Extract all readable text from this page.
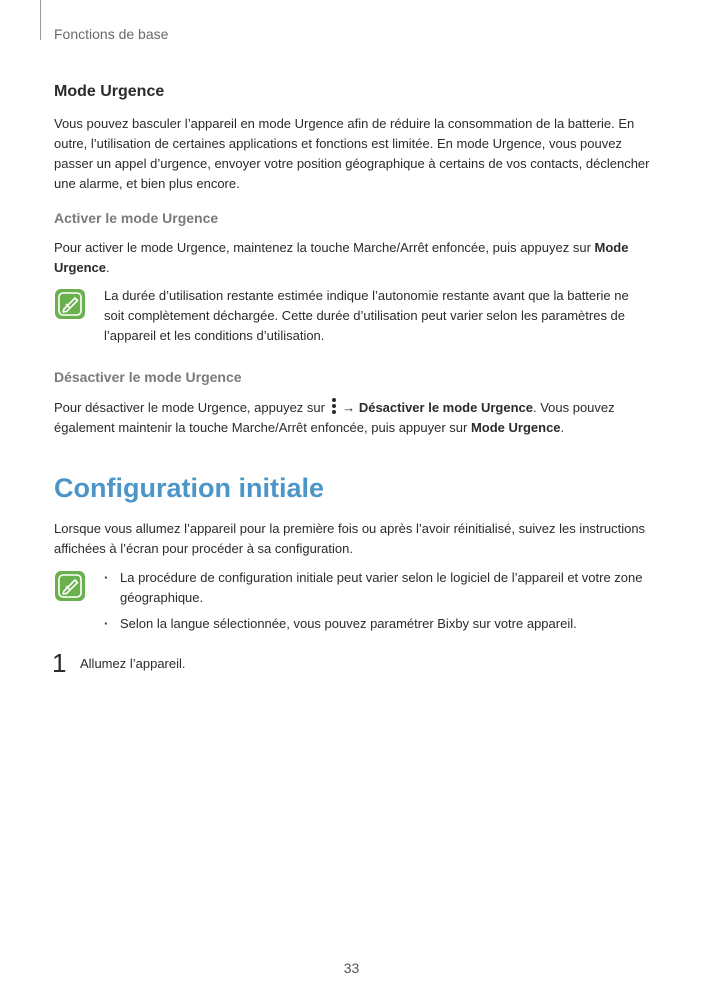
Fonctions de base
Mode Urgence
Vous pouvez basculer l’appareil en mode Urgence afin de réduire la consommation de la batterie. En outre, l’utilisation de certaines applications et fonctions est limitée. En mode Urgence, vous pouvez passer un appel d’urgence, envoyer votre position géographique à certains de vos contacts, déclencher une alarme, et bien plus encore.
Activer le mode Urgence
Pour activer le mode Urgence, maintenez la touche Marche/Arrêt enfoncée, puis appuyez sur Mode Urgence.
La durée d’utilisation restante estimée indique l’autonomie restante avant que la batterie ne soit complètement déchargée. Cette durée d’utilisation peut varier selon les paramètres de l’appareil et les conditions d’utilisation.
Désactiver le mode Urgence
Pour désactiver le mode Urgence, appuyez sur  → Désactiver le mode Urgence. Vous pouvez également maintenir la touche Marche/Arrêt enfoncée, puis appuyer sur Mode Urgence.
Configuration initiale
Lorsque vous allumez l’appareil pour la première fois ou après l’avoir réinitialisé, suivez les instructions affichées à l’écran pour procéder à sa configuration.
· La procédure de configuration initiale peut varier selon le logiciel de l’appareil et votre zone géographique.
· Selon la langue sélectionnée, vous pouvez paramétrer Bixby sur votre appareil.
1 Allumez l’appareil.
33
